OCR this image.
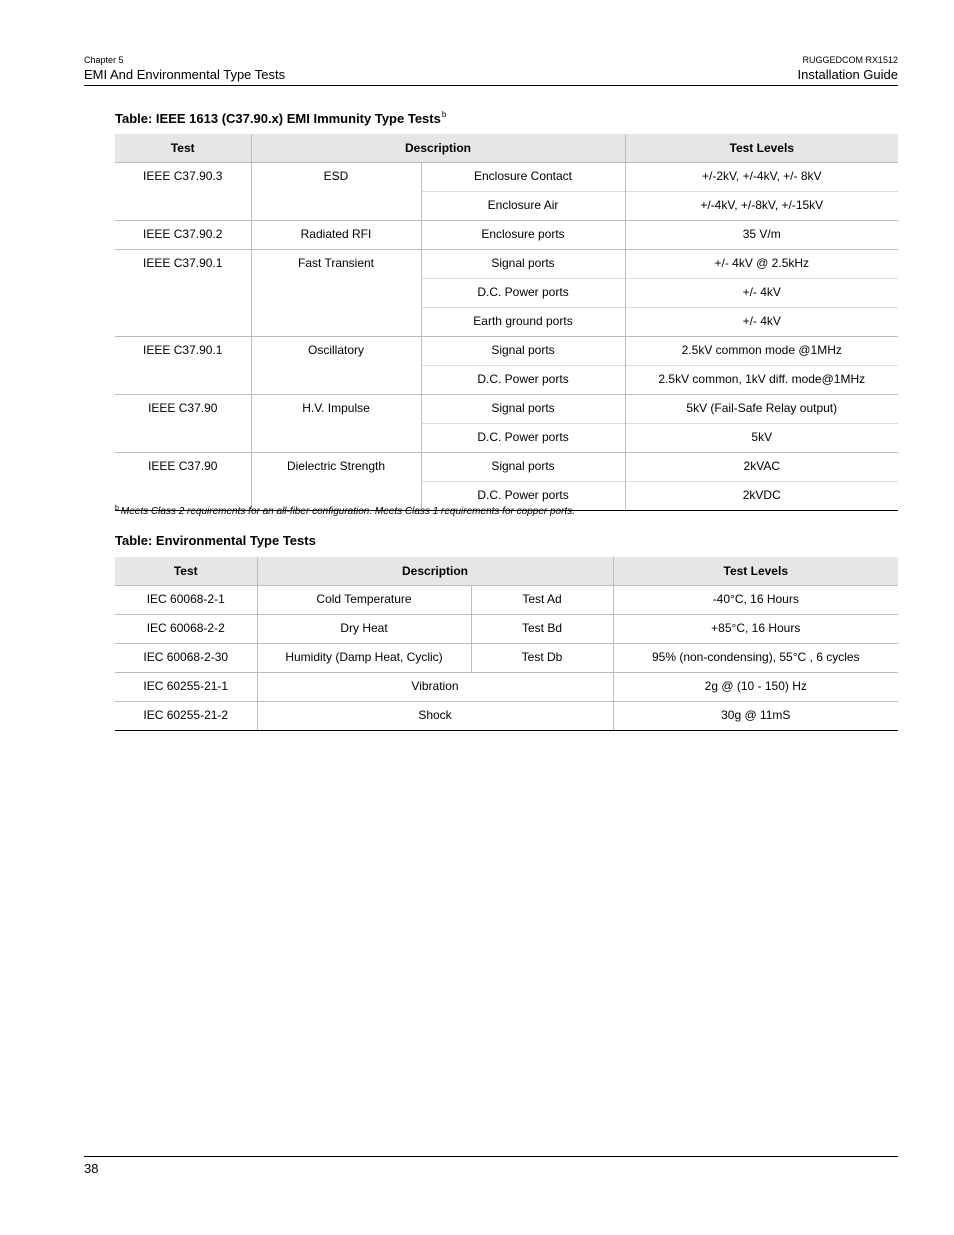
Chapter 5
EMI And Environmental Type Tests
RUGGEDCOM RX1512
Installation Guide
Table: IEEE 1613 (C37.90.x) EMI Immunity Type Tests$^b$
Test	Description		Test Levels
IEEE C37.90.3	ESD	Enclosure Contact	+/-2kV, +/-4kV, +/- 8kV
		Enclosure Air	+/-4kV, +/-8kV, +/-15kV
IEEE C37.90.2	Radiated RFI	Enclosure ports	35 V/m
IEEE C37.90.1	Fast Transient	Signal ports	+/- 4kV @ 2.5kHz
		D.C. Power ports	+/- 4kV
		Earth ground ports	+/- 4kV
IEEE C37.90.1	Oscillatory	Signal ports	2.5kV common mode @1MHz
		D.C. Power ports	2.5kV common, 1kV diff. mode@1MHz
IEEE C37.90	H.V. Impulse	Signal ports	5kV (Fail-Safe Relay output)
		D.C. Power ports	5kV
IEEE C37.90	Dielectric Strength	Signal ports	2kVAC
		D.C. Power ports	2kVDC
$^b$ Meets Class 2 requirements for an all-fiber configuration. Meets Class 1 requirements for copper ports.
Table: Environmental Type Tests
Test	Description		Test Levels
IEC 60068-2-1	Cold Temperature	Test Ad	-40°C, 16 Hours
IEC 60068-2-2	Dry Heat	Test Bd	+85°C, 16 Hours
IEC 60068-2-30	Humidity (Damp Heat, Cyclic)	Test Db	95% (non-condensing), 55°C , 6 cycles
IEC 60255-21-1	Vibration		2g @ (10 - 150) Hz
IEC 60255-21-2	Shock		30g @ 11mS
38
